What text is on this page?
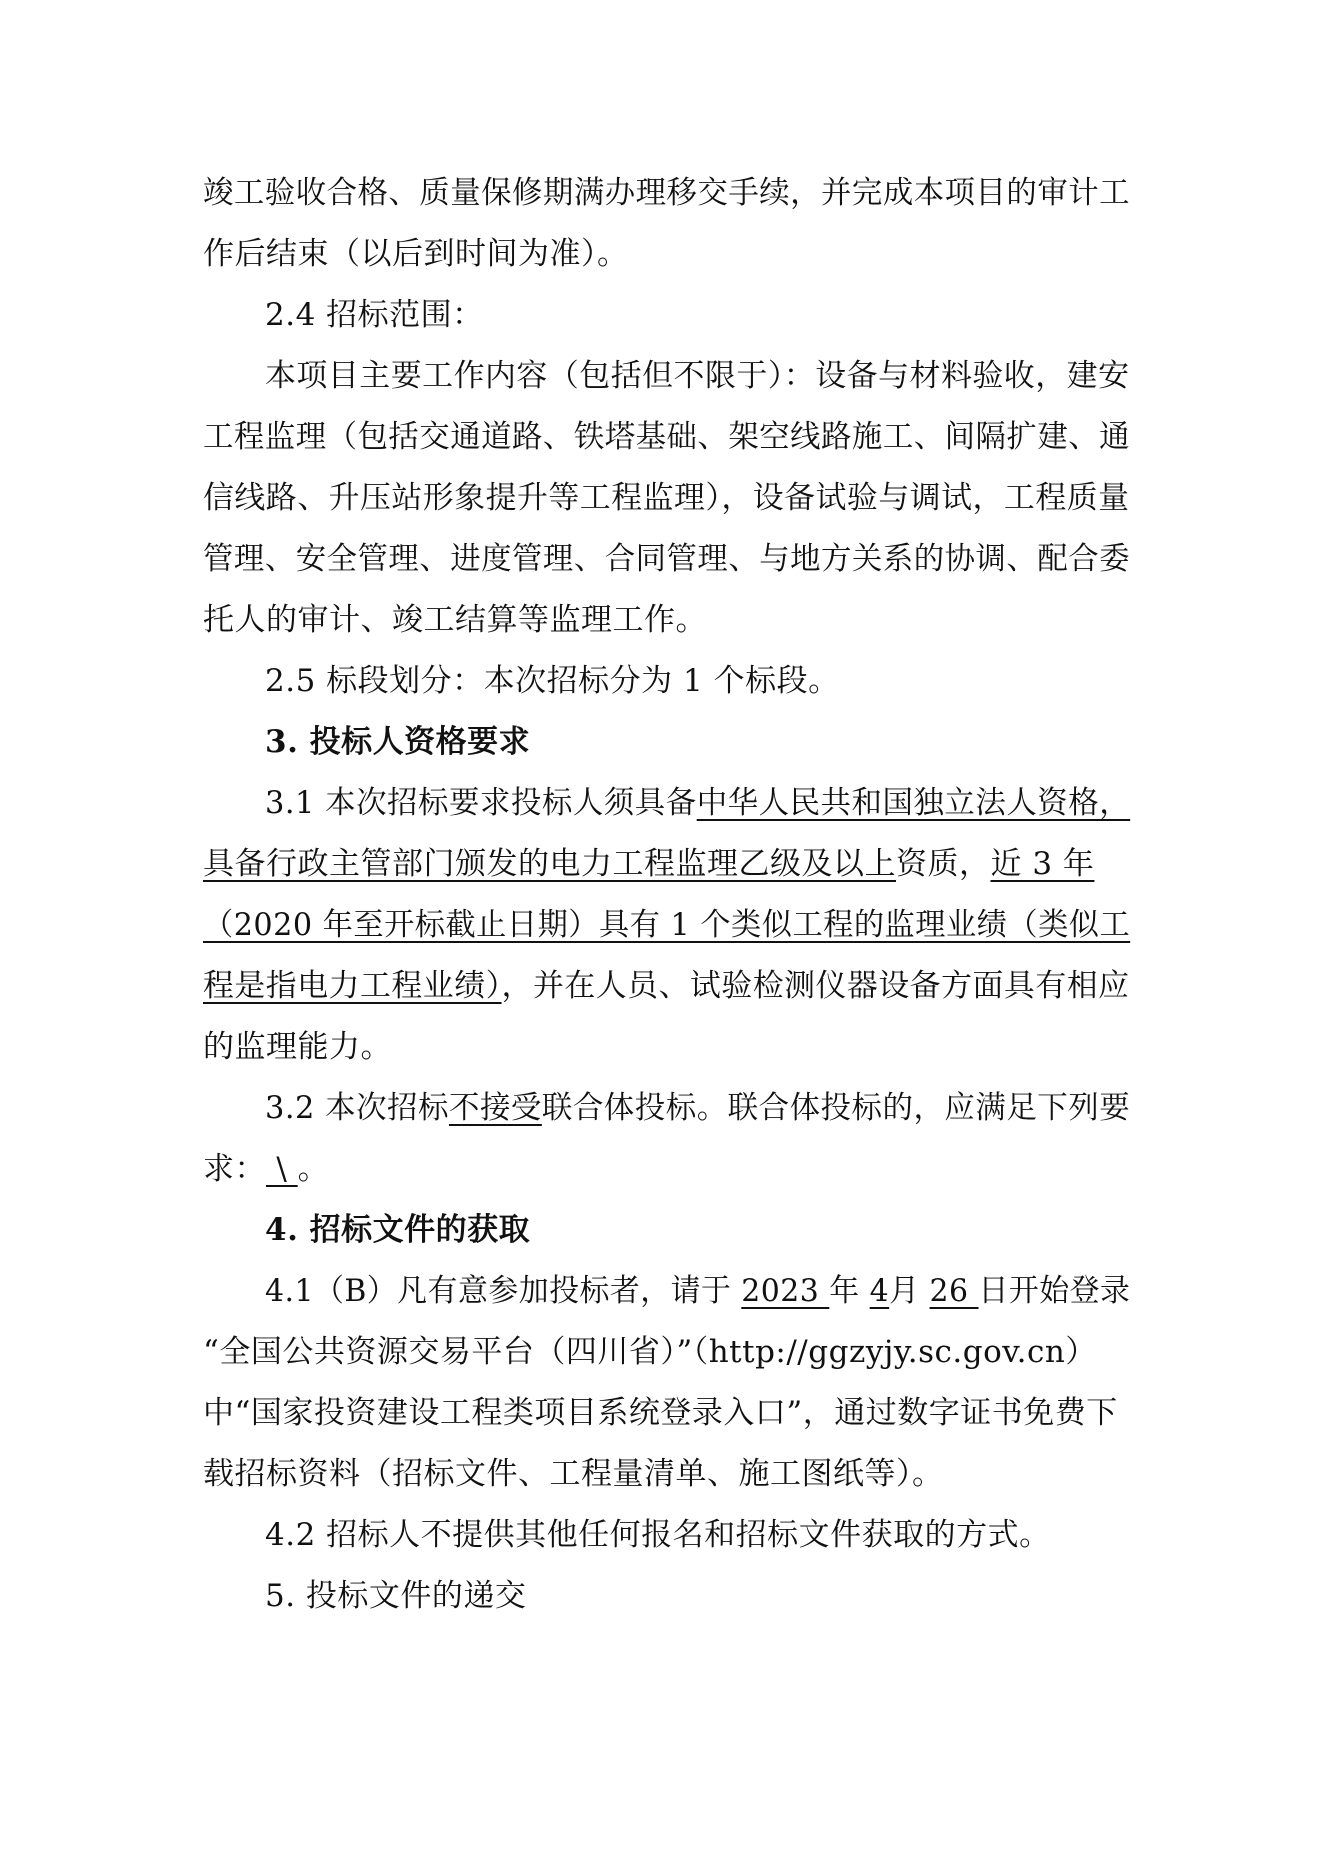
竣工验收合格、质量保修期满办理移交手续，并完成本项目的审计工
作后结束（以后到时间为准）。
2.4 招标范围：
本项目主要工作内容（包括但不限于）：设备与材料验收，建安
工程监理（包括交通道路、铁塔基础、架空线路施工、间隔扩建、通
信线路、升压站形象提升等工程监理），设备试验与调试，工程质量
管理、安全管理、进度管理、合同管理、与地方关系的协调、配合委
托人的审计、竣工结算等监理工作。
2.5 标段划分：本次招标分为 1 个标段。
3. 投标人资格要求
3.1 本次招标要求投标人须具备中华人民共和国独立法人资格，
具备行政主管部门颁发的电力工程监理乙级及以上资质，近 3 年
（2020 年至开标截止日期）具有 1 个类似工程的监理业绩（类似工
程是指电力工程业绩），并在人员、试验检测仪器设备方面具有相应
的监理能力。
3.2 本次招标不接受联合体投标。联合体投标的，应满足下列要
求： \ 。
4. 招标文件的获取
4.1（B）凡有意参加投标者，请于 2023 年 4月 26 日开始登录
“全国公共资源交易平台（四川省）”（http://ggzyjy.sc.gov.cn）
中“国家投资建设工程类项目系统登录入口”，通过数字证书免费下
载招标资料（招标文件、工程量清单、施工图纸等）。
4.2 招标人不提供其他任何报名和招标文件获取的方式。
5. 投标文件的递交
